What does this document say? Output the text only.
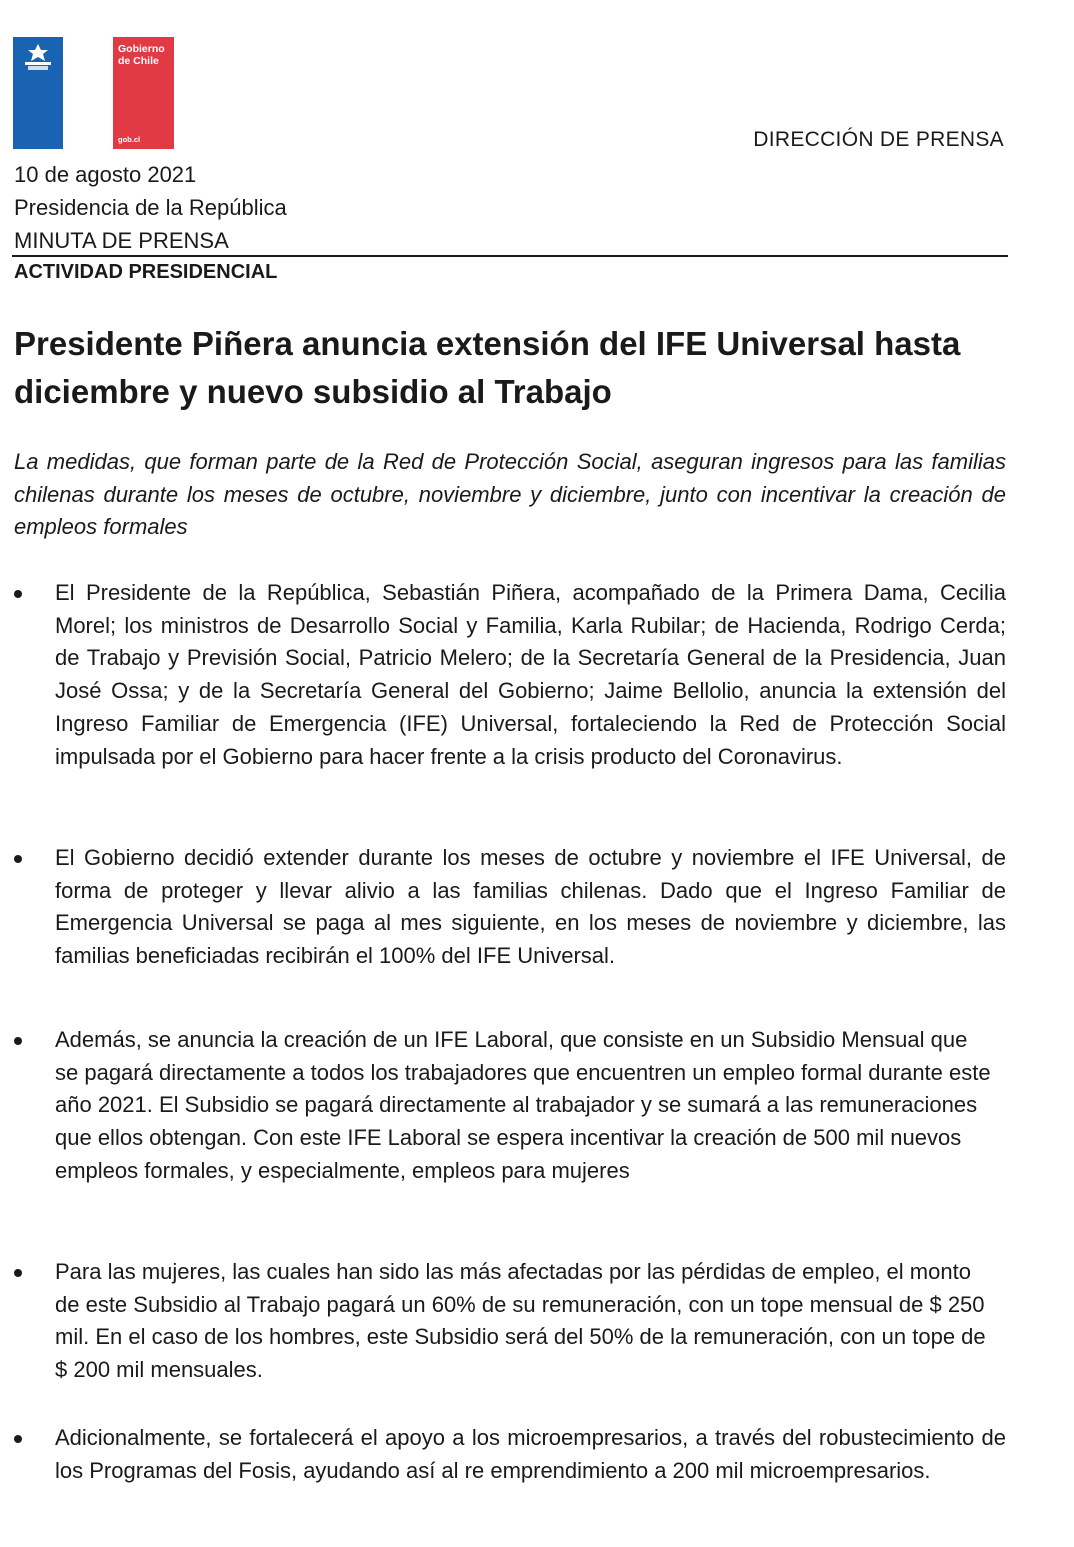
Gobierno de Chile
gob.cl	DIRECCIÓN DE PRENSA
10 de agosto 2021
Presidencia de la República
MINUTA DE PRENSA
ACTIVIDAD PRESIDENCIAL
Presidente Piñera anuncia extensión del IFE Universal hasta diciembre y nuevo subsidio al Trabajo

La medidas, que forman parte de la Red de Protección Social, aseguran ingresos para las familias chilenas durante los meses de octubre, noviembre y diciembre, junto con incentivar la creación de empleos formales

El Presidente de la República, Sebastián Piñera, acompañado de la Primera Dama, Cecilia Morel; los ministros de Desarrollo Social y Familia, Karla Rubilar; de Hacienda, Rodrigo Cerda; de Trabajo y Previsión Social, Patricio Melero; de la Secretaría General de la Presidencia, Juan José Ossa; y de la Secretaría General del Gobierno; Jaime Bellolio, anuncia la extensión del Ingreso Familiar de Emergencia (IFE) Universal, fortaleciendo la Red de Protección Social impulsada por el Gobierno para hacer frente a la crisis producto del Coronavirus.
El Gobierno decidió extender durante los meses de octubre y noviembre el IFE Universal, de forma de proteger y llevar alivio a las familias chilenas. Dado que el Ingreso Familiar de Emergencia Universal se paga al mes siguiente, en los meses de noviembre y diciembre, las familias beneficiadas recibirán el 100% del IFE Universal.
Además, se anuncia la creación de un IFE Laboral, que consiste en un Subsidio Mensual que se pagará directamente a todos los trabajadores que encuentren un empleo formal durante este año 2021. El Subsidio se pagará directamente al trabajador y se sumará a las remuneraciones que ellos obtengan. Con este IFE Laboral se espera incentivar la creación de 500 mil nuevos empleos formales, y especialmente, empleos para mujeres
Para las mujeres, las cuales han sido las más afectadas por las pérdidas de empleo, el monto de este Subsidio al Trabajo pagará un 60% de su remuneración, con un tope mensual de $ 250 mil. En el caso de los hombres, este Subsidio será del 50% de la remuneración, con un tope de $ 200 mil mensuales.
Adicionalmente, se fortalecerá el apoyo a los microempresarios, a través del robustecimiento de los Programas del Fosis, ayudando así al re emprendimiento a 200 mil microempresarios.
